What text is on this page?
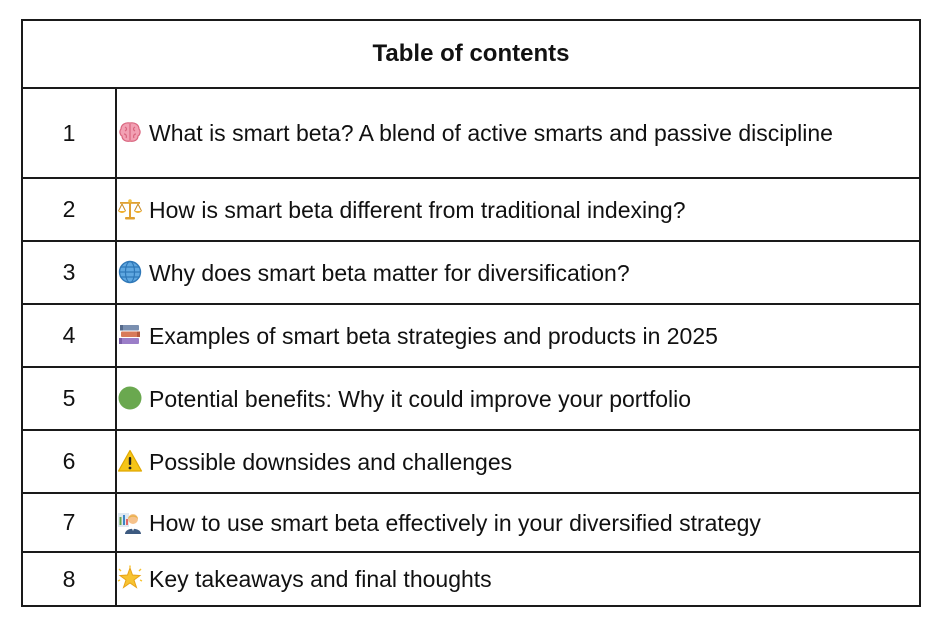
Table of contents	
1	What is smart beta? A blend of active smarts and passive discipline
2	How is smart beta different from traditional indexing?
3	Why does smart beta matter for diversification?
4	Examples of smart beta strategies and products in 2025
5	Potential benefits: Why it could improve your portfolio
6	Possible downsides and challenges
7	How to use smart beta effectively in your diversified strategy
8	Key takeaways and final thoughts
